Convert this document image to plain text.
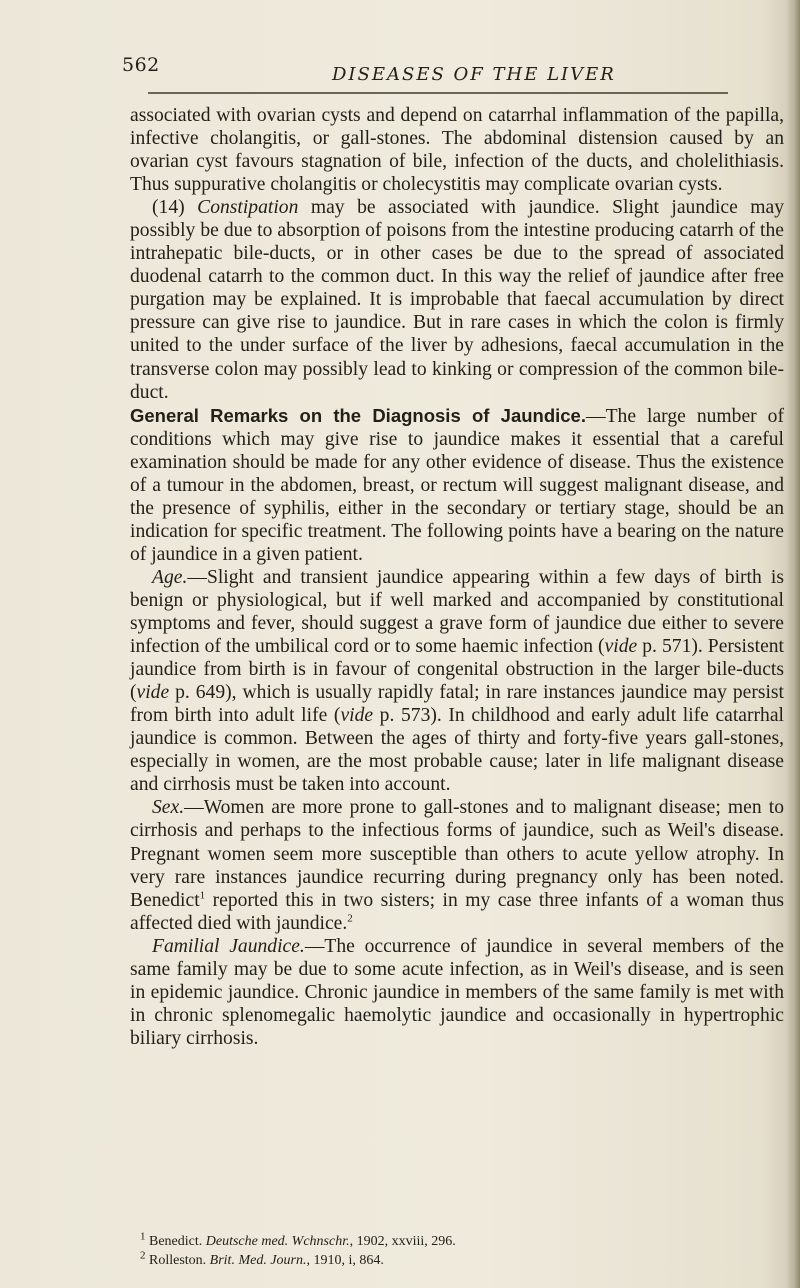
562	DISEASES OF THE LIVER

associated with ovarian cysts and depend on catarrhal inflammation of the papilla, infective cholangitis, or gall-stones. The abdominal distension caused by an ovarian cyst favours stagnation of bile, infection of the ducts, and cholelithiasis. Thus suppurative cholangitis or cholecystitis may complicate ovarian cysts.

(14) Constipation may be associated with jaundice. Slight jaundice may possibly be due to absorption of poisons from the intestine producing catarrh of the intrahepatic bile-ducts, or in other cases be due to the spread of associated duodenal catarrh to the common duct. In this way the relief of jaundice after free purgation may be explained. It is improbable that faecal accumulation by direct pressure can give rise to jaundice. But in rare cases in which the colon is firmly united to the under surface of the liver by adhesions, faecal accumulation in the transverse colon may possibly lead to kinking or compression of the common bile-duct.

General Remarks on the Diagnosis of Jaundice.—The large number of conditions which may give rise to jaundice makes it essential that a careful examination should be made for any other evidence of disease. Thus the existence of a tumour in the abdomen, breast, or rectum will suggest malignant disease, and the presence of syphilis, either in the secondary or tertiary stage, should be an indication for specific treatment. The following points have a bearing on the nature of jaundice in a given patient.

Age.—Slight and transient jaundice appearing within a few days of birth is benign or physiological, but if well marked and accompanied by constitutional symptoms and fever, should suggest a grave form of jaundice due either to severe infection of the umbilical cord or to some haemic infection (vide p. 571). Persistent jaundice from birth is in favour of congenital obstruction in the larger bile-ducts (vide p. 649), which is usually rapidly fatal; in rare instances jaundice may persist from birth into adult life (vide p. 573). In childhood and early adult life catarrhal jaundice is common. Between the ages of thirty and forty-five years gall-stones, especially in women, are the most probable cause; later in life malignant disease and cirrhosis must be taken into account.

Sex.—Women are more prone to gall-stones and to malignant disease; men to cirrhosis and perhaps to the infectious forms of jaundice, such as Weil's disease. Pregnant women seem more susceptible than others to acute yellow atrophy. In very rare instances jaundice recurring during pregnancy only has been noted. Benedict$^1$ reported this in two sisters; in my case three infants of a woman thus affected died with jaundice.$^2$

Familial Jaundice.—The occurrence of jaundice in several members of the same family may be due to some acute infection, as in Weil's disease, and is seen in epidemic jaundice. Chronic jaundice in members of the same family is met with in chronic splenomegalic haemolytic jaundice and occasionally in hypertrophic biliary cirrhosis.

$^1$ Benedict. Deutsche med. Wchnschr., 1902, xxviii, 296.

$^2$ Rolleston. Brit. Med. Journ., 1910, i, 864.
